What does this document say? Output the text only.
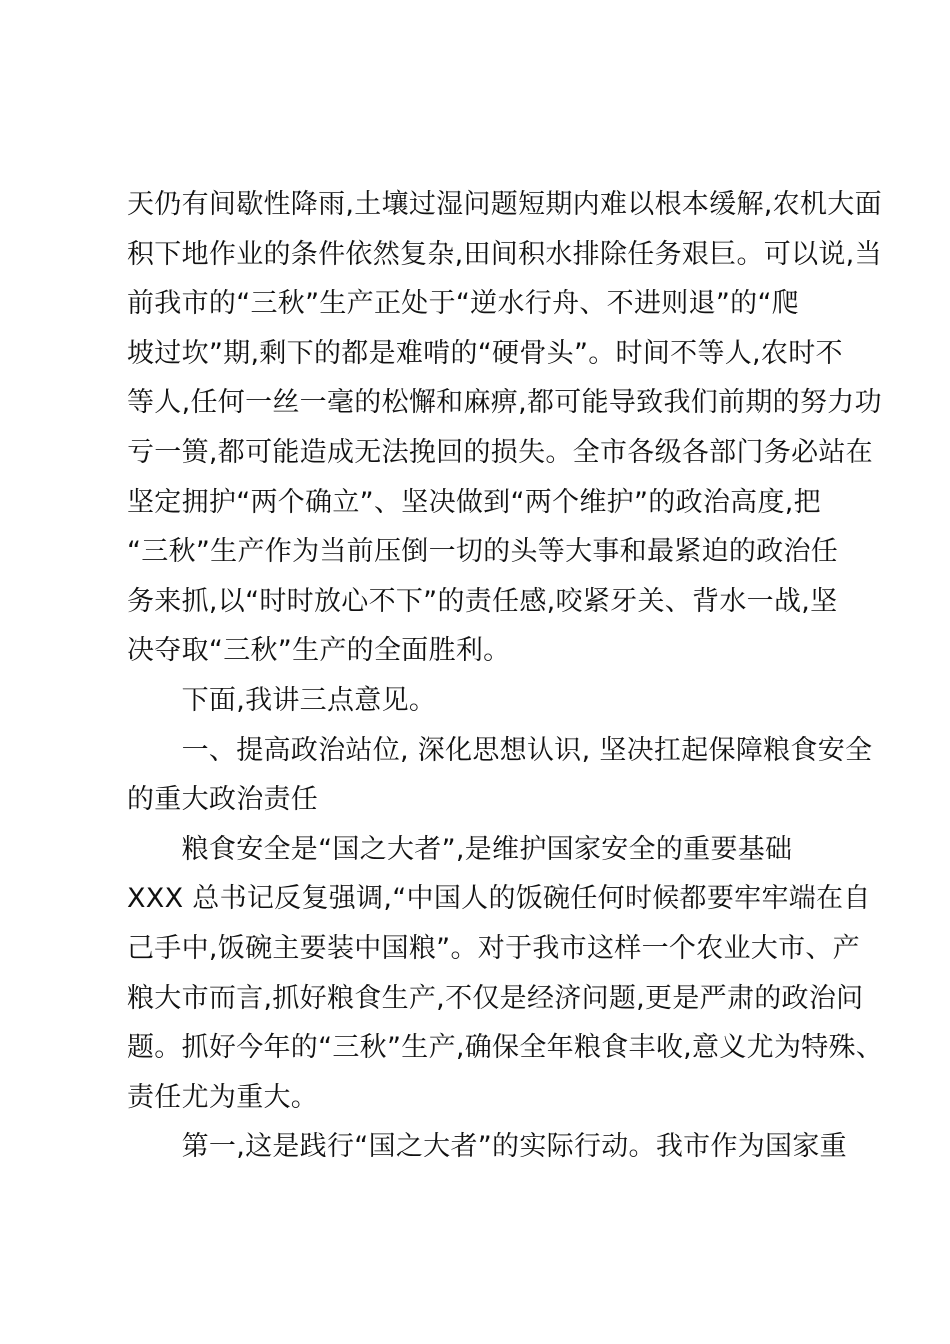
天仍有间歇性降雨,土壤过湿问题短期内难以根本缓解,农机大面
积下地作业的条件依然复杂,田间积水排除任务艰巨。可以说,当
前我市的“三秋”生产正处于“逆水行舟、不进则退”的“爬
坡过坎”期,剩下的都是难啃的“硬骨头”。时间不等人,农时不
等人,任何一丝一毫的松懈和麻痹,都可能导致我们前期的努力功
亏一篑,都可能造成无法挽回的损失。全市各级各部门务必站在
坚定拥护“两个确立”、坚决做到“两个维护”的政治高度,把
“三秋”生产作为当前压倒一切的头等大事和最紧迫的政治任
务来抓,以“时时放心不下”的责任感,咬紧牙关、背水一战,坚
决夺取“三秋”生产的全面胜利。
　　下面,我讲三点意见。
　　一、提高政治站位, 深化思想认识, 坚决扛起保障粮食安全
的重大政治责任
　　粮食安全是“国之大者”,是维护国家安全的重要基础
XXX 总书记反复强调,“中国人的饭碗任何时候都要牢牢端在自
己手中,饭碗主要装中国粮”。对于我市这样一个农业大市、产
粮大市而言,抓好粮食生产,不仅是经济问题,更是严肃的政治问
题。抓好今年的“三秋”生产,确保全年粮食丰收,意义尤为特殊、
责任尤为重大。
　　第一,这是践行“国之大者”的实际行动。我市作为国家重
